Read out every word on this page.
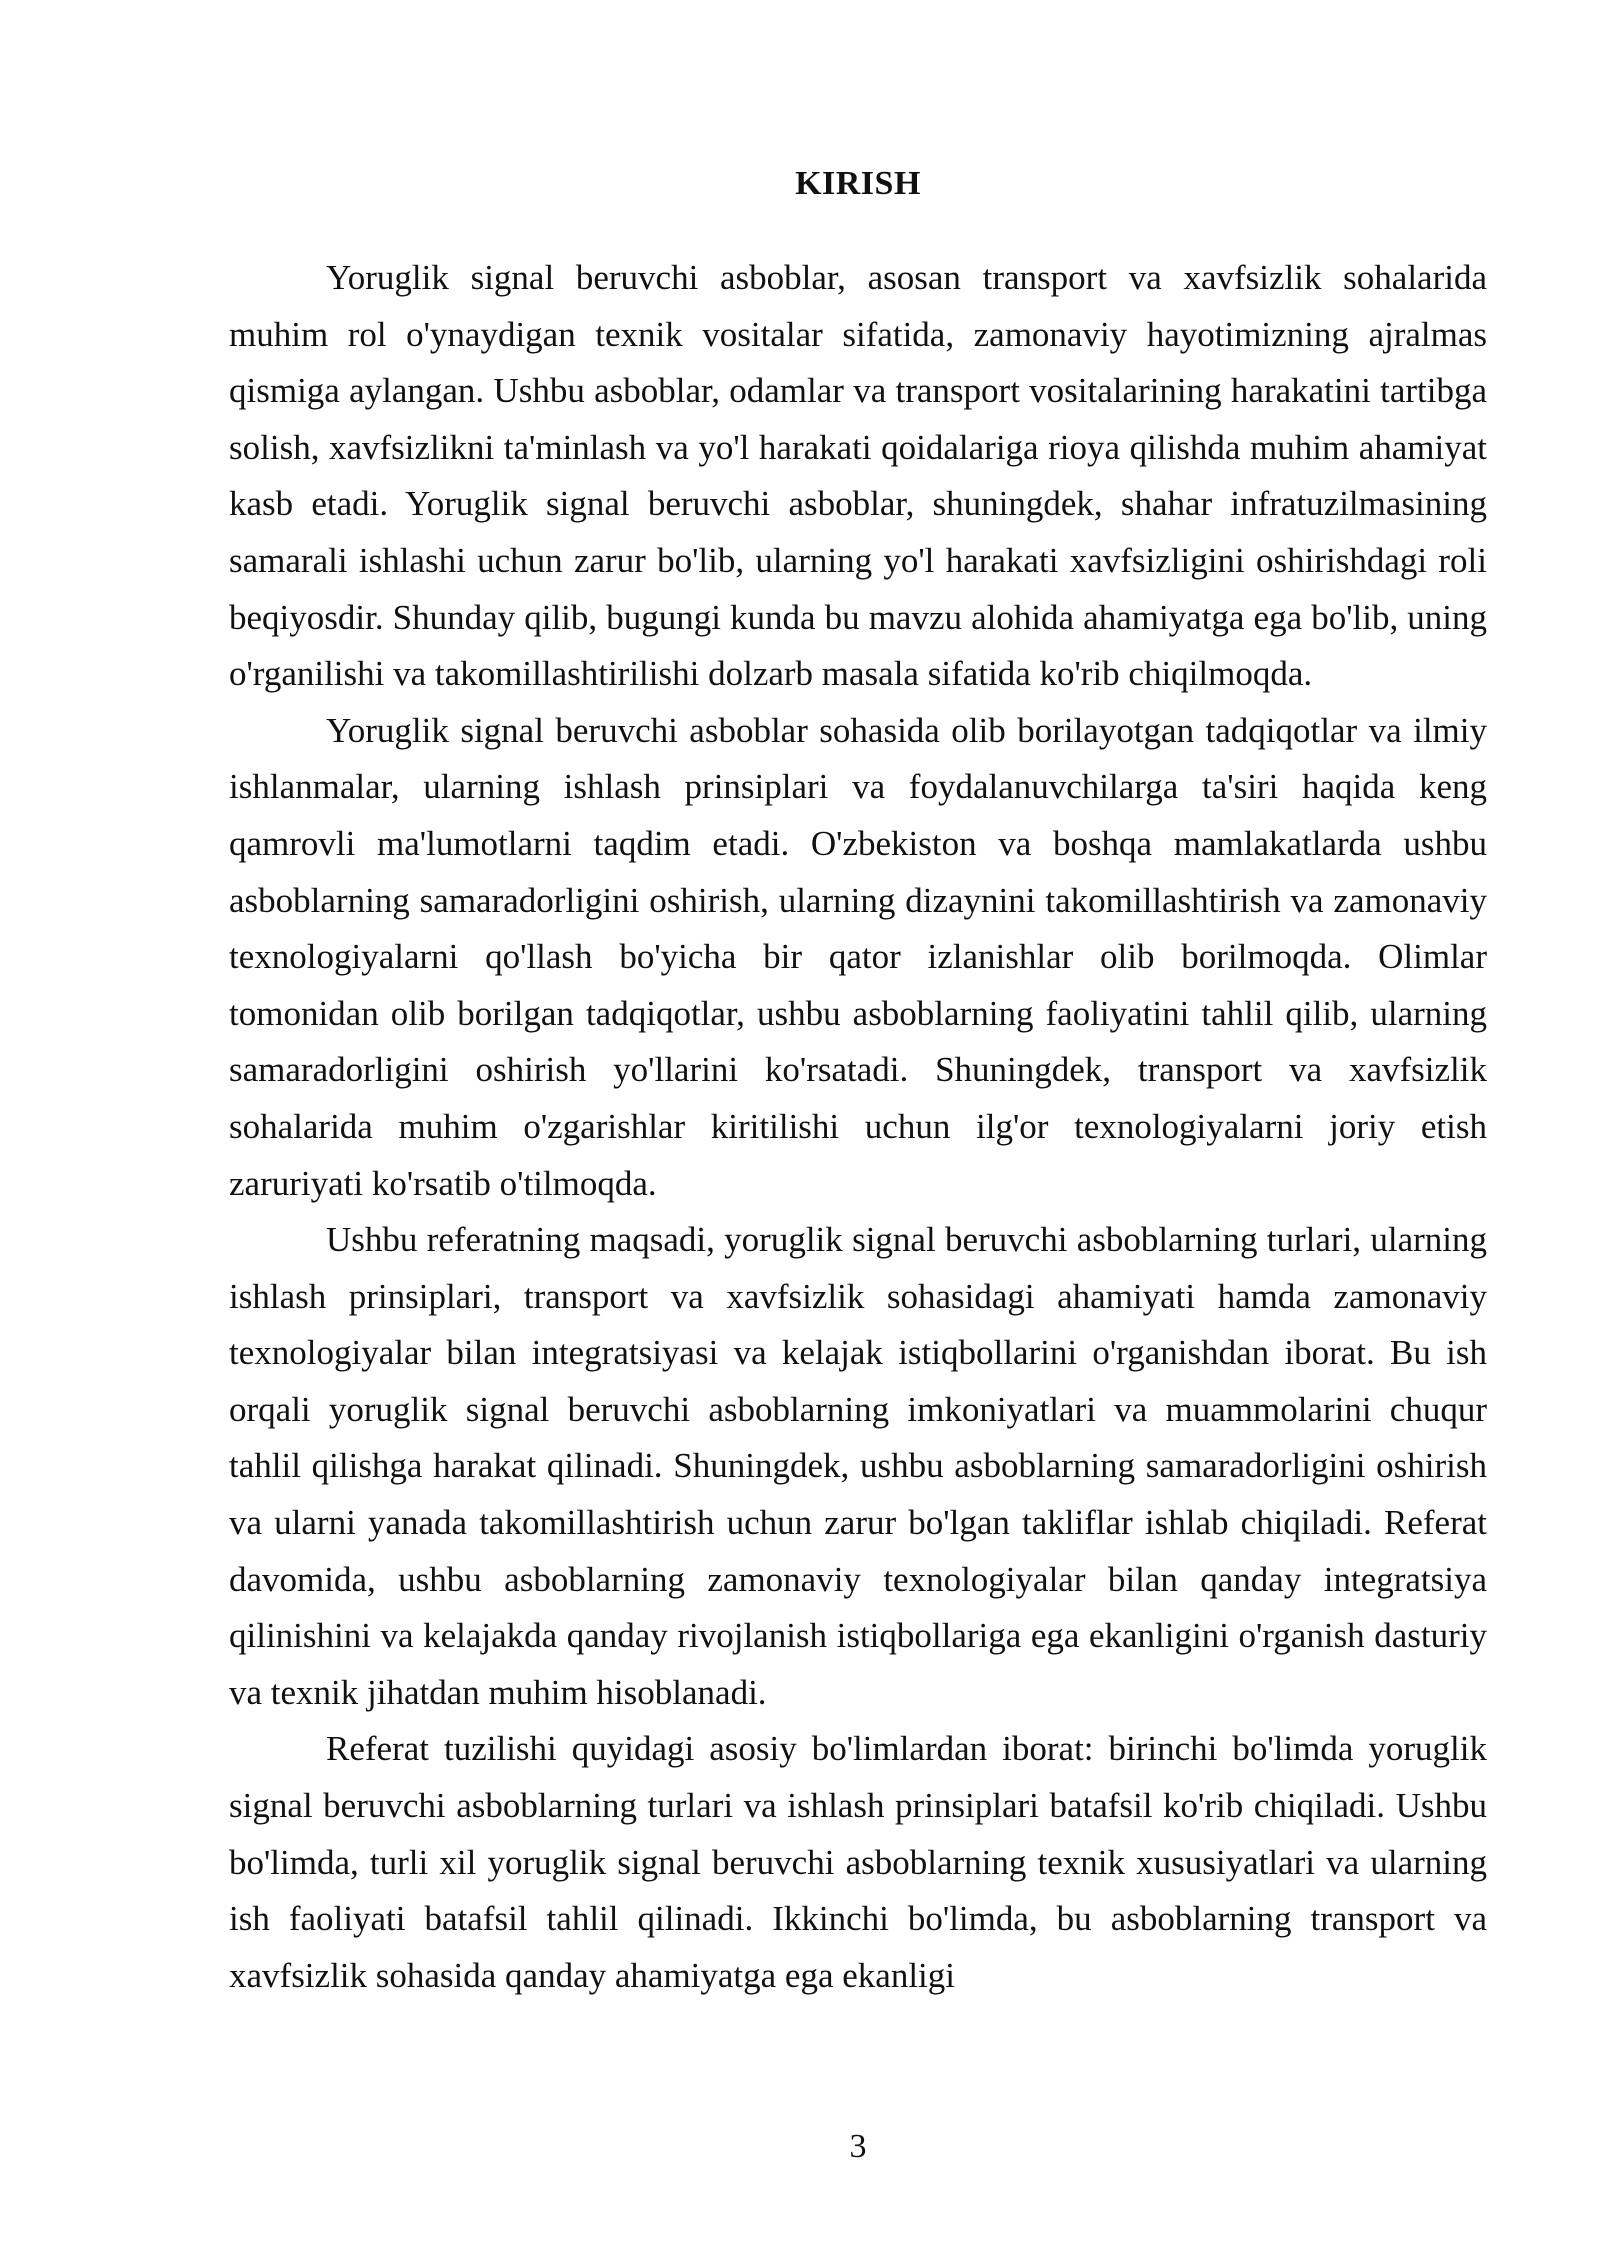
KIRISH

Yoruglik signal beruvchi asboblar, asosan transport va xavfsizlik sohalarida muhim rol o'ynaydigan texnik vositalar sifatida, zamonaviy hayotimizning ajralmas qismiga aylangan. Ushbu asboblar, odamlar va transport vositalarining harakatini tartibga solish, xavfsizlikni ta'minlash va yo'l harakati qoidalariga rioya qilishda muhim ahamiyat kasb etadi. Yoruglik signal beruvchi asboblar, shuningdek, shahar infratuzilmasining samarali ishlashi uchun zarur bo'lib, ularning yo'l harakati xavfsizligini oshirishdagi roli beqiyosdir. Shunday qilib, bugungi kunda bu mavzu alohida ahamiyatga ega bo'lib, uning o'rganilishi va takomillashtirilishi dolzarb masala sifatida ko'rib chiqilmoqda.

Yoruglik signal beruvchi asboblar sohasida olib borilayotgan tadqiqotlar va ilmiy ishlanmalar, ularning ishlash prinsiplari va foydalanuvchilarga ta'siri haqida keng qamrovli ma'lumotlarni taqdim etadi. O'zbekiston va boshqa mamlakatlarda ushbu asboblarning samaradorligini oshirish, ularning dizaynini takomillashtirish va zamonaviy texnologiyalarni qo'llash bo'yicha bir qator izlanishlar olib borilmoqda. Olimlar tomonidan olib borilgan tadqiqotlar, ushbu asboblarning faoliyatini tahlil qilib, ularning samaradorligini oshirish yo'llarini ko'rsatadi. Shuningdek, transport va xavfsizlik sohalarida muhim o'zgarishlar kiritilishi uchun ilg'or texnologiyalarni joriy etish zaruriyati ko'rsatib o'tilmoqda.

Ushbu referatning maqsadi, yoruglik signal beruvchi asboblarning turlari, ularning ishlash prinsiplari, transport va xavfsizlik sohasidagi ahamiyati hamda zamonaviy texnologiyalar bilan integratsiyasi va kelajak istiqbollarini o'rganishdan iborat. Bu ish orqali yoruglik signal beruvchi asboblarning imkoniyatlari va muammolarini chuqur tahlil qilishga harakat qilinadi. Shuningdek, ushbu asboblarning samaradorligini oshirish va ularni yanada takomillashtirish uchun zarur bo'lgan takliflar ishlab chiqiladi. Referat davomida, ushbu asboblarning zamonaviy texnologiyalar bilan qanday integratsiya qilinishini va kelajakda qanday rivojlanish istiqbollariga ega ekanligini o'rganish dasturiy va texnik jihatdan muhim hisoblanadi.

Referat tuzilishi quyidagi asosiy bo'limlardan iborat: birinchi bo'limda yoruglik signal beruvchi asboblarning turlari va ishlash prinsiplari batafsil ko'rib chiqiladi. Ushbu bo'limda, turli xil yoruglik signal beruvchi asboblarning texnik xususiyatlari va ularning ish faoliyati batafsil tahlil qilinadi. Ikkinchi bo'limda, bu asboblarning transport va xavfsizlik sohasida qanday ahamiyatga ega ekanligi

3
